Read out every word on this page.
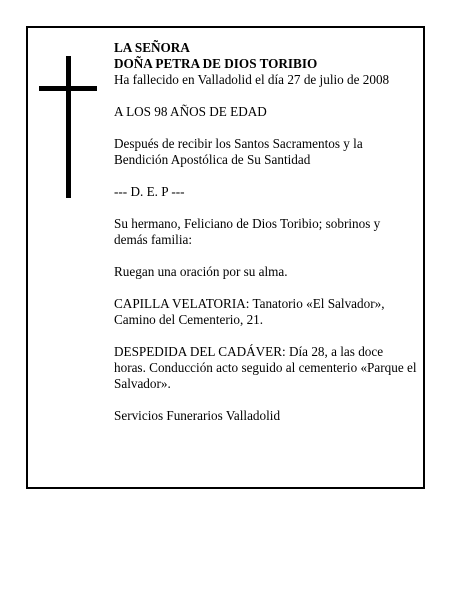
LA SEÑORA
DOÑA PETRA DE DIOS TORIBIO
Ha fallecido en Valladolid el día 27 de julio de 2008
A LOS 98 AÑOS DE EDAD
Después de recibir los Santos Sacramentos y la
Bendición Apostólica de Su Santidad
--- D. E. P ---
Su hermano, Feliciano de Dios Toribio; sobrinos y
demás familia:
Ruegan una oración por su alma.
CAPILLA VELATORIA: Tanatorio «El Salvador»,
Camino del Cementerio, 21.
DESPEDIDA DEL CADÁVER: Día 28, a las doce
horas. Conducción acto seguido al cementerio «Parque el
Salvador».
Servicios Funerarios Valladolid
